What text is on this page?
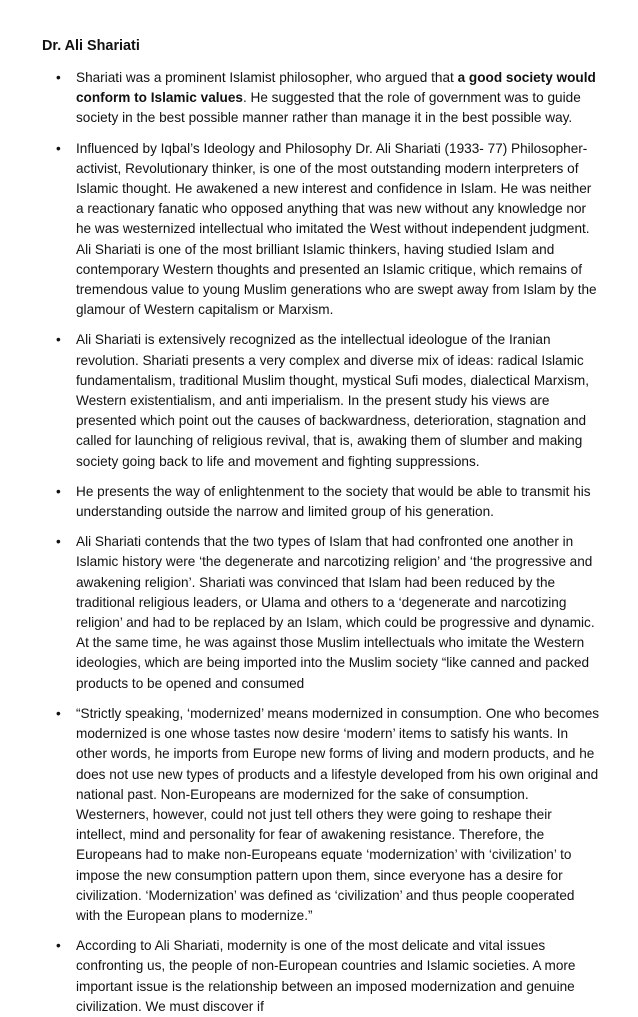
Dr. Ali Shariati
• Shariati was a prominent Islamist philosopher, who argued that a good society would conform to Islamic values. He suggested that the role of government was to guide society in the best possible manner rather than manage it in the best possible way.
• Influenced by Iqbal’s Ideology and Philosophy Dr. Ali Shariati (1933- 77) Philosopher-activist, Revolutionary thinker, is one of the most outstanding modern interpreters of Islamic thought. He awakened a new interest and confidence in Islam. He was neither a reactionary fanatic who opposed anything that was new without any knowledge nor he was westernized intellectual who imitated the West without independent judgment. Ali Shariati is one of the most brilliant Islamic thinkers, having studied Islam and contemporary Western thoughts and presented an Islamic critique, which remains of tremendous value to young Muslim generations who are swept away from Islam by the glamour of Western capitalism or Marxism.
• Ali Shariati is extensively recognized as the intellectual ideologue of the Iranian revolution. Shariati presents a very complex and diverse mix of ideas: radical Islamic fundamentalism, traditional Muslim thought, mystical Sufi modes, dialectical Marxism, Western existentialism, and anti imperialism. In the present study his views are presented which point out the causes of backwardness, deterioration, stagnation and called for launching of religious revival, that is, awaking them of slumber and making society going back to life and movement and fighting suppressions.
• He presents the way of enlightenment to the society that would be able to transmit his understanding outside the narrow and limited group of his generation.
• Ali Shariati contends that the two types of Islam that had confronted one another in Islamic history were ‘the degenerate and narcotizing religion’ and ‘the progressive and awakening religion’. Shariati was convinced that Islam had been reduced by the traditional religious leaders, or Ulama and others to a ‘degenerate and narcotizing religion’ and had to be replaced by an Islam, which could be progressive and dynamic. At the same time, he was against those Muslim intellectuals who imitate the Western ideologies, which are being imported into the Muslim society “like canned and packed products to be opened and consumed
• “Strictly speaking, ‘modernized’ means modernized in consumption. One who becomes modernized is one whose tastes now desire ‘modern’ items to satisfy his wants. In other words, he imports from Europe new forms of living and modern products, and he does not use new types of products and a lifestyle developed from his own original and national past. Non-Europeans are modernized for the sake of consumption. Westerners, however, could not just tell others they were going to reshape their intellect, mind and personality for fear of awakening resistance. Therefore, the Europeans had to make non-Europeans equate ‘modernization’ with ‘civilization’ to impose the new consumption pattern upon them, since everyone has a desire for civilization. ‘Modernization’ was defined as ‘civilization’ and thus people cooperated with the European plans to modernize.”
• According to Ali Shariati, modernity is one of the most delicate and vital issues confronting us, the people of non-European countries and Islamic societies. A more important issue is the relationship between an imposed modernization and genuine civilization. We must discover if
